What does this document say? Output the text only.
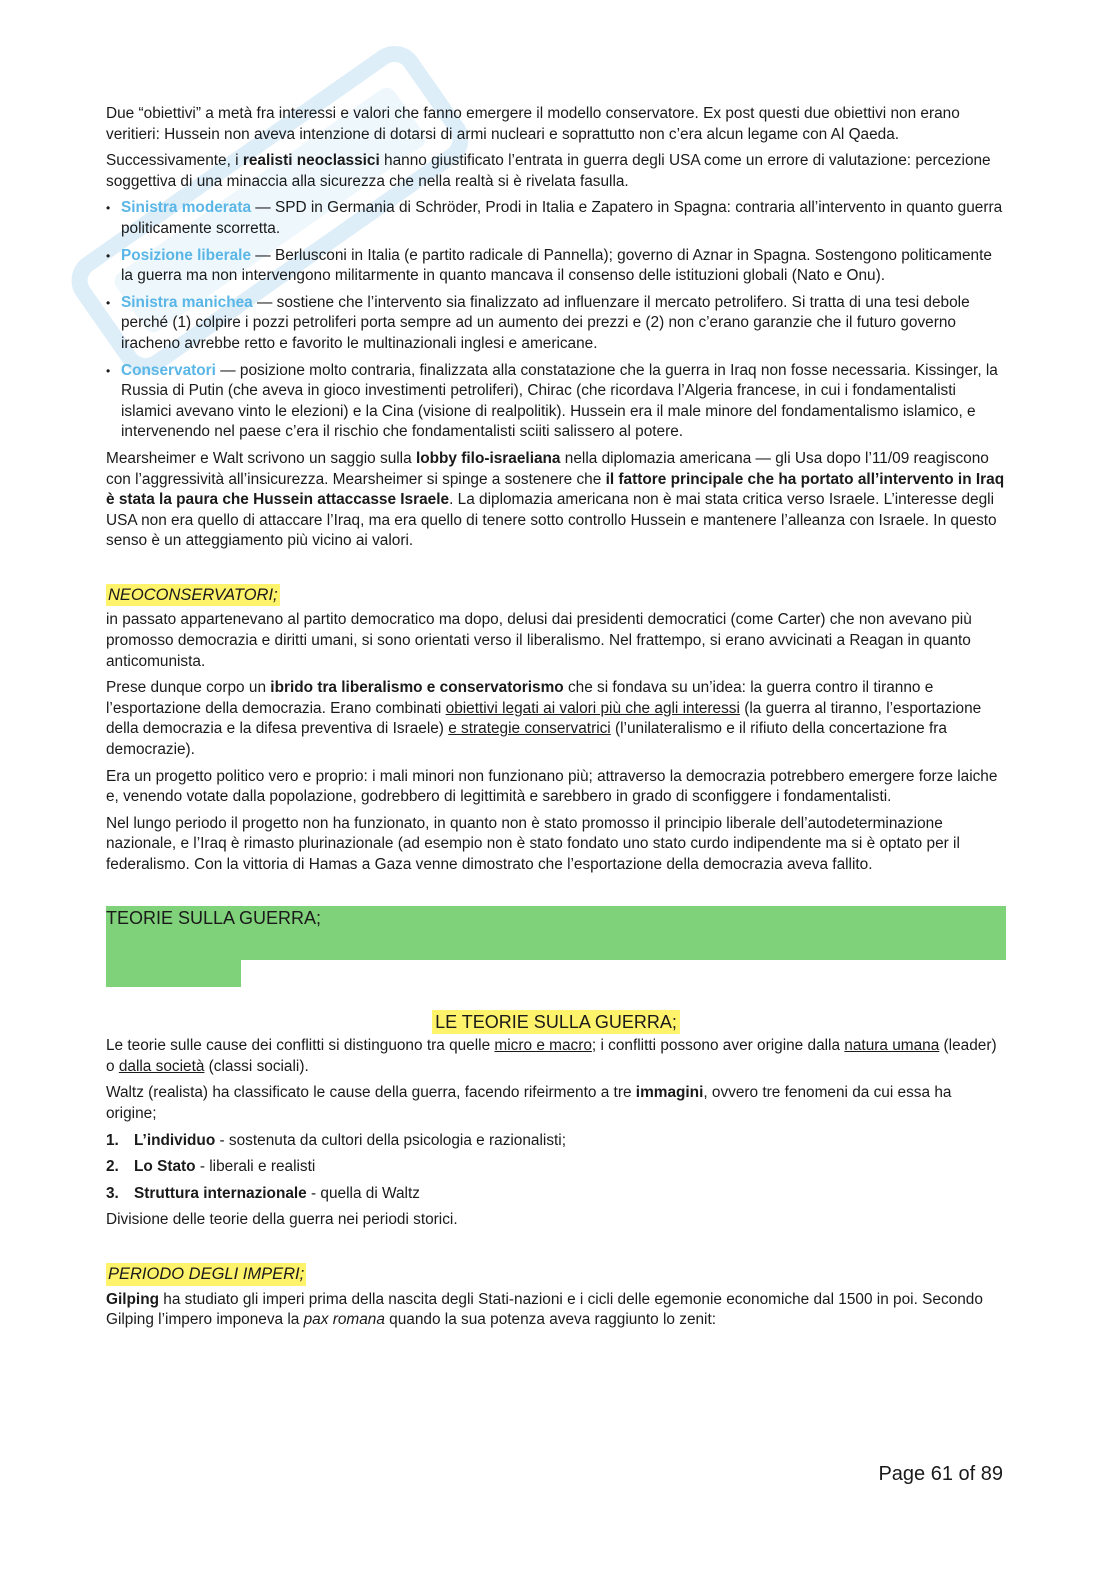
Due “obiettivi” a metà fra interessi e valori che fanno emergere il modello conservatore. Ex post questi due obiettivi non erano veritieri: Hussein non aveva intenzione di dotarsi di armi nucleari e soprattutto non c’era alcun legame con Al Qaeda.

Successivamente, i realisti neoclassici hanno giustificato l’entrata in guerra degli USA come un errore di valutazione: percezione soggettiva di una minaccia alla sicurezza che nella realtà si è rivelata fasulla.

• Sinistra moderata — SPD in Germania di Schröder, Prodi in Italia e Zapatero in Spagna: contraria all’intervento in quanto guerra politicamente scorretta.
• Posizione liberale — Berlusconi in Italia (e partito radicale di Pannella); governo di Aznar in Spagna. Sostengono politicamente la guerra ma non intervengono militarmente in quanto mancava il consenso delle istituzioni globali (Nato e Onu).
• Sinistra manichea — sostiene che l’intervento sia finalizzato ad influenzare il mercato petrolifero. Si tratta di una tesi debole perché (1) colpire i pozzi petroliferi porta sempre ad un aumento dei prezzi e (2) non c’erano garanzie che il futuro governo iracheno avrebbe retto e favorito le multinazionali inglesi e americane.
• Conservatori — posizione molto contraria, finalizzata alla constatazione che la guerra in Iraq non fosse necessaria. Kissinger, la Russia di Putin (che aveva in gioco investimenti petroliferi), Chirac (che ricordava l’Algeria francese, in cui i fondamentalisti islamici avevano vinto le elezioni) e la Cina (visione di realpolitik). Hussein era il male minore del fondamentalismo islamico, e intervenendo nel paese c’era il rischio che fondamentalisti sciiti salissero al potere.

Mearsheimer e Walt scrivono un saggio sulla lobby filo-israeliana nella diplomazia americana — gli Usa dopo l’11/09 reagiscono con l’aggressività all’insicurezza. Mearsheimer si spinge a sostenere che il fattore principale che ha portato all’intervento in Iraq è stata la paura che Hussein attaccasse Israele. La diplomazia americana non è mai stata critica verso Israele. L’interesse degli USA non era quello di attaccare l’Iraq, ma era quello di tenere sotto controllo Hussein e mantenere l’alleanza con Israele. In questo senso è un atteggiamento più vicino ai valori.

NEOCONSERVATORI;

in passato appartenevano al partito democratico ma dopo, delusi dai presidenti democratici (come Carter) che non avevano più promosso democrazia e diritti umani, si sono orientati verso il liberalismo. Nel frattempo, si erano avvicinati a Reagan in quanto anticomunista.

Prese dunque corpo un ibrido tra liberalismo e conservatorismo che si fondava su un’idea: la guerra contro il tiranno e l’esportazione della democrazia. Erano combinati obiettivi legati ai valori più che agli interessi (la guerra al tiranno, l’esportazione della democrazia e la difesa preventiva di Israele) e strategie conservatrici (l’unilateralismo e il rifiuto della concertazione fra democrazie).

Era un progetto politico vero e proprio: i mali minori non funzionano più; attraverso la democrazia potrebbero emergere forze laiche e, venendo votate dalla popolazione, godrebbero di legittimità e sarebbero in grado di sconfiggere i fondamentalisti.

Nel lungo periodo il progetto non ha funzionato, in quanto non è stato promosso il principio liberale dell’autodeterminazione nazionale, e l’Iraq è rimasto plurinazionale (ad esempio non è stato fondato uno stato curdo indipendente ma si è optato per il federalismo. Con la vittoria di Hamas a Gaza venne dimostrato che l’esportazione della democrazia aveva fallito.

TEORIE SULLA GUERRA;
LE TEORIE SULLA GUERRA;

Le teorie sulle cause dei conflitti si distinguono tra quelle micro e macro; i conflitti possono aver origine dalla natura umana (leader) o dalla società (classi sociali).

Waltz (realista) ha classificato le cause della guerra, facendo rifeirmento a tre immagini, ovvero tre fenomeni da cui essa ha origine;

1. L’individuo - sostenuta da cultori della psicologia e razionalisti;
2. Lo Stato - liberali e realisti
3. Struttura internazionale - quella di Waltz

Divisione delle teorie della guerra nei periodi storici.

PERIODO DEGLI IMPERI;

Gilping ha studiato gli imperi prima della nascita degli Stati-nazioni e i cicli delle egemonie economiche dal 1500 in poi. Secondo Gilping l’impero imponeva la pax romana quando la sua potenza aveva raggiunto lo zenit:

Page 61 of 89
